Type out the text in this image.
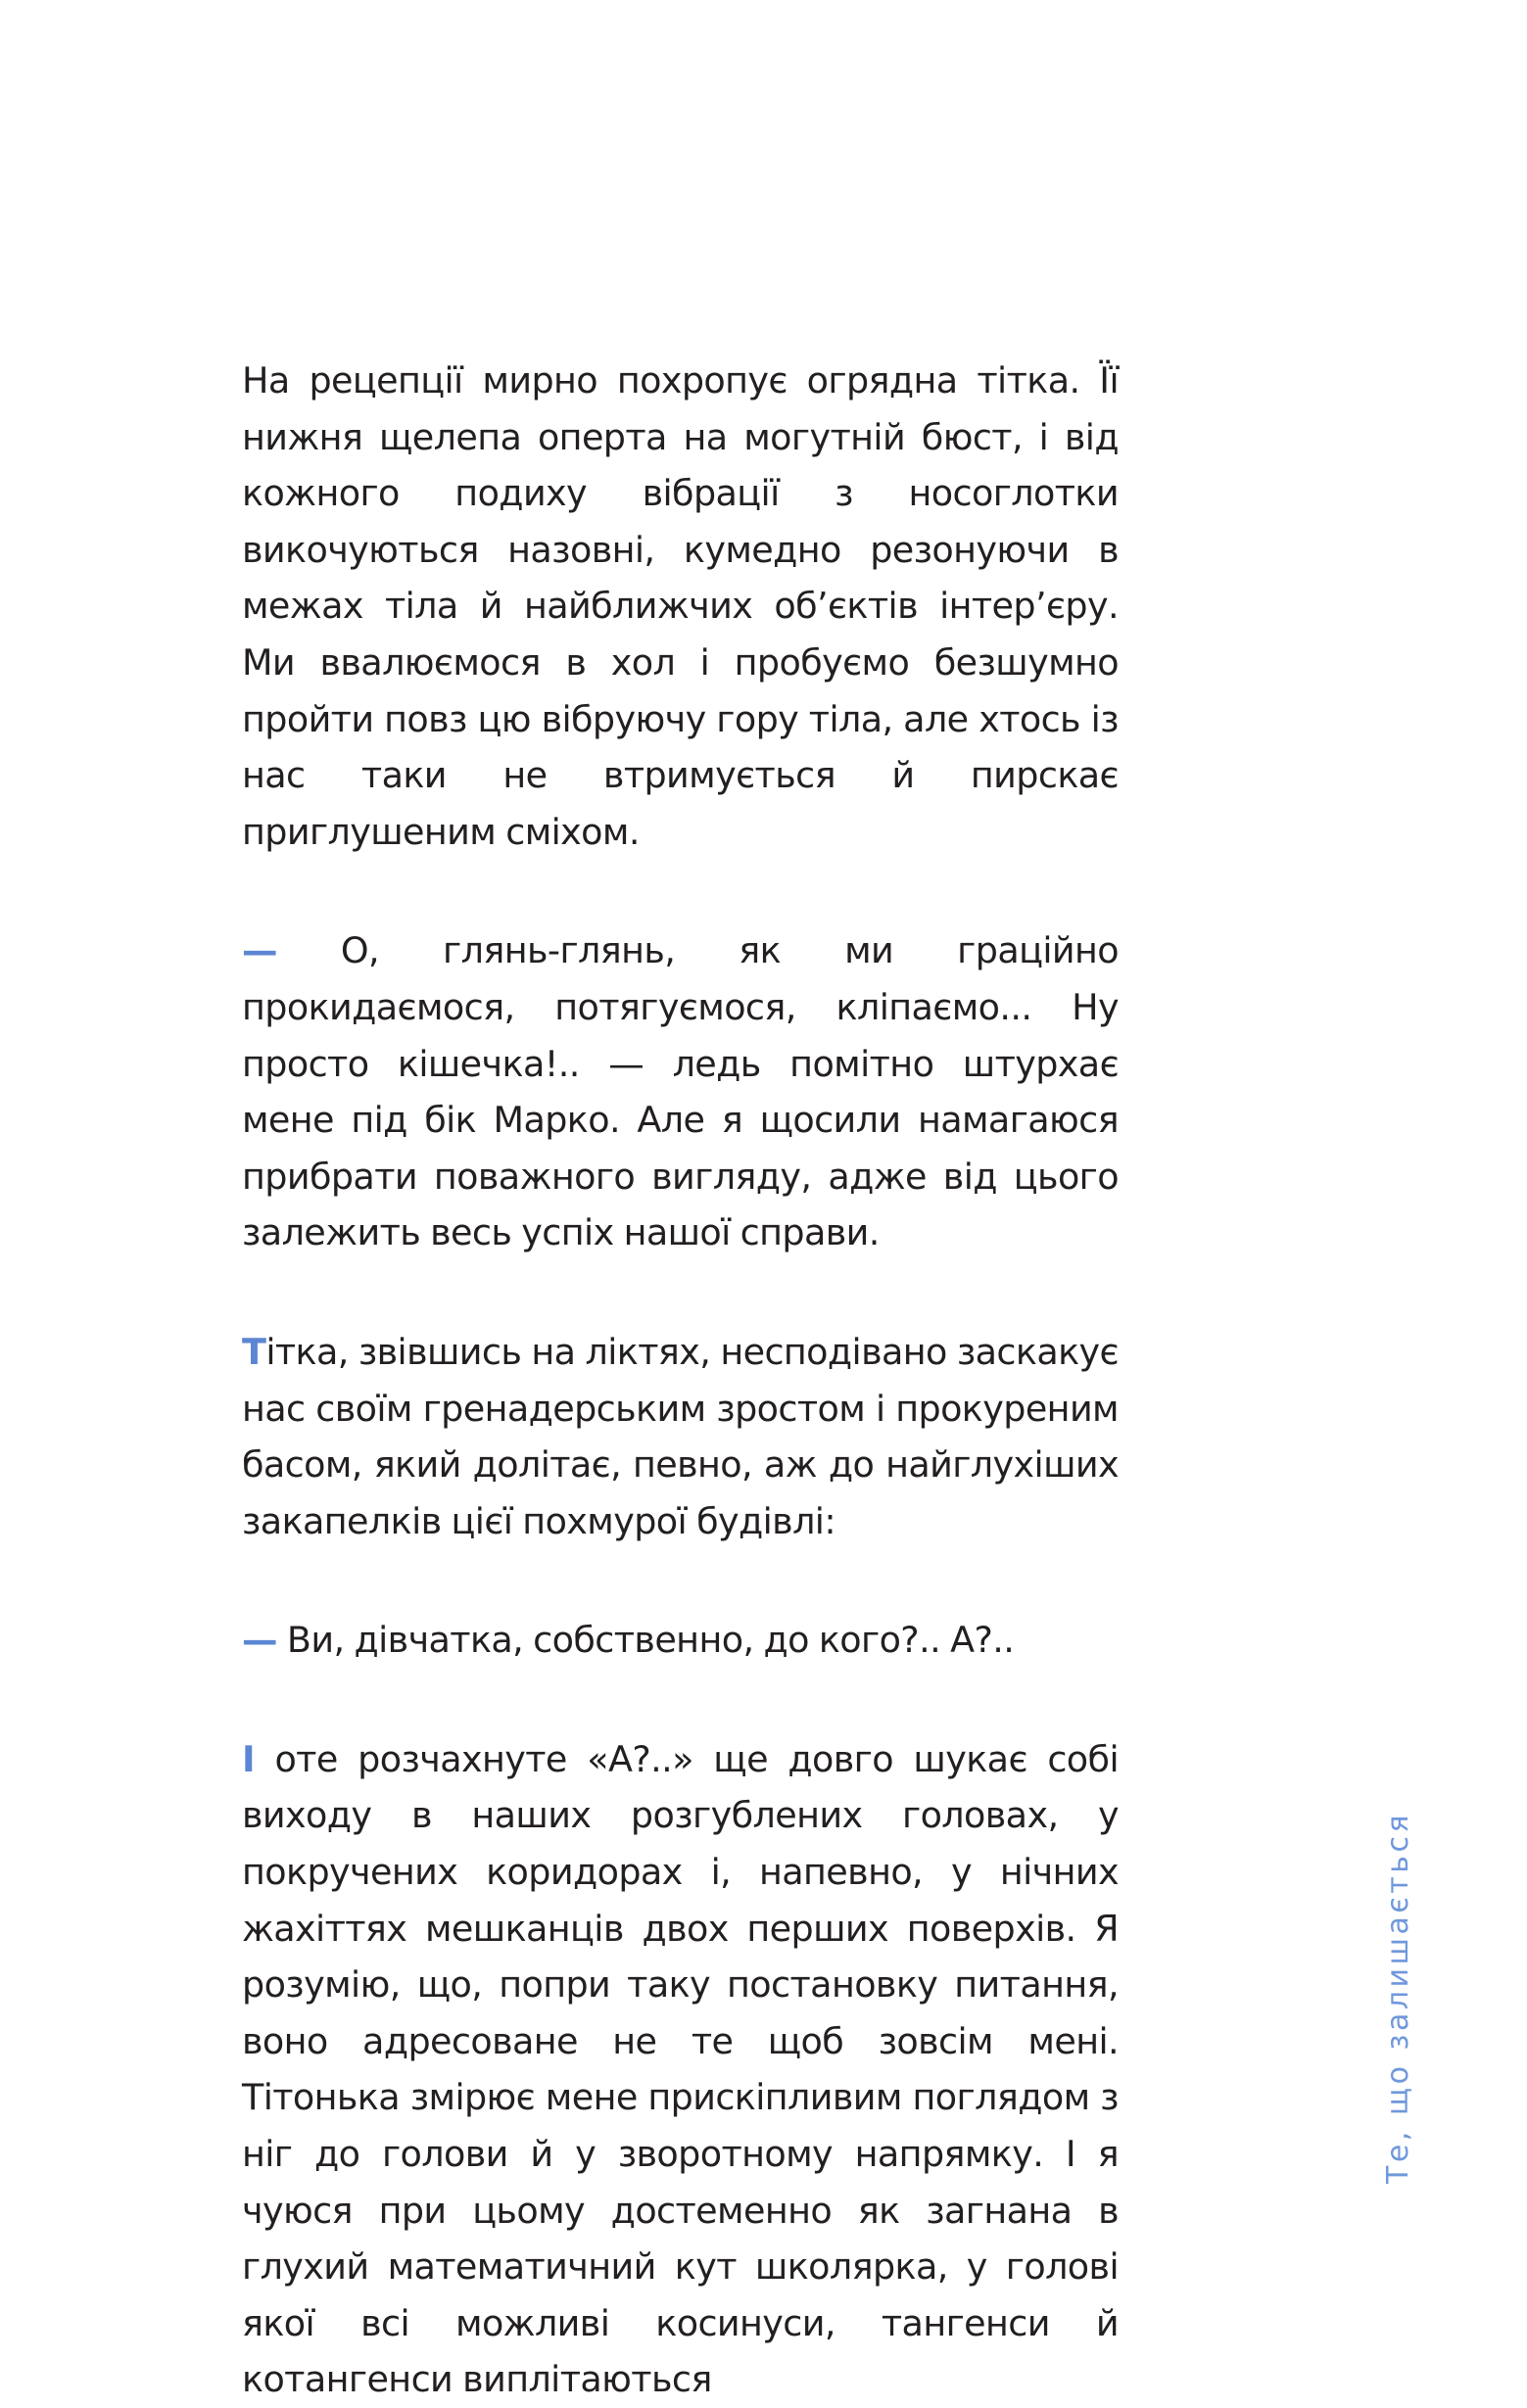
На рецепції мирно похропує огрядна тітка. Її нижня щелепа оперта на могутній бюст, і від кожного подиху вібрації з носоглотки викочуються назовні, кумедно резонуючи в межах тіла й найближчих об’єктів інтер’єру. Ми ввалюємося в хол і пробуємо безшумно пройти повз цю вібруючу гору тіла, але хтось із нас таки не втримується й пирскає приглушеним сміхом.

— О, глянь-глянь, як ми граційно прокидаємося, потягуємося, кліпаємо... Ну просто кішечка!.. — ледь помітно штурхає мене під бік Марко. Але я щосили намагаюся прибрати поважного вигляду, адже від цього залежить весь успіх нашої справи.

Тітка, звівшись на ліктях, несподівано заскакує нас своїм гренадерським зростом і прокуреним басом, який долітає, певно, аж до найглухіших закапелків цієї похмурої будівлі:

— Ви, дівчатка, собственно, до кого?.. А?..

І оте розчахнуте «А?..» ще довго шукає собі виходу в наших розгублених головах, у покручених коридорах і, напевно, у нічних жахіттях мешканців двох перших поверхів. Я розумію, що, попри таку постановку питання, воно адресоване не те щоб зовсім мені. Тітонька змірює мене прискіпливим поглядом з ніг до голови й у зворотному напрямку. І я чуюся при цьому достеменно як загнана в глухий математичний кут школярка, у голові якої всі можливі косинуси, тангенси й котангенси виплітаються

Те, що залишається
